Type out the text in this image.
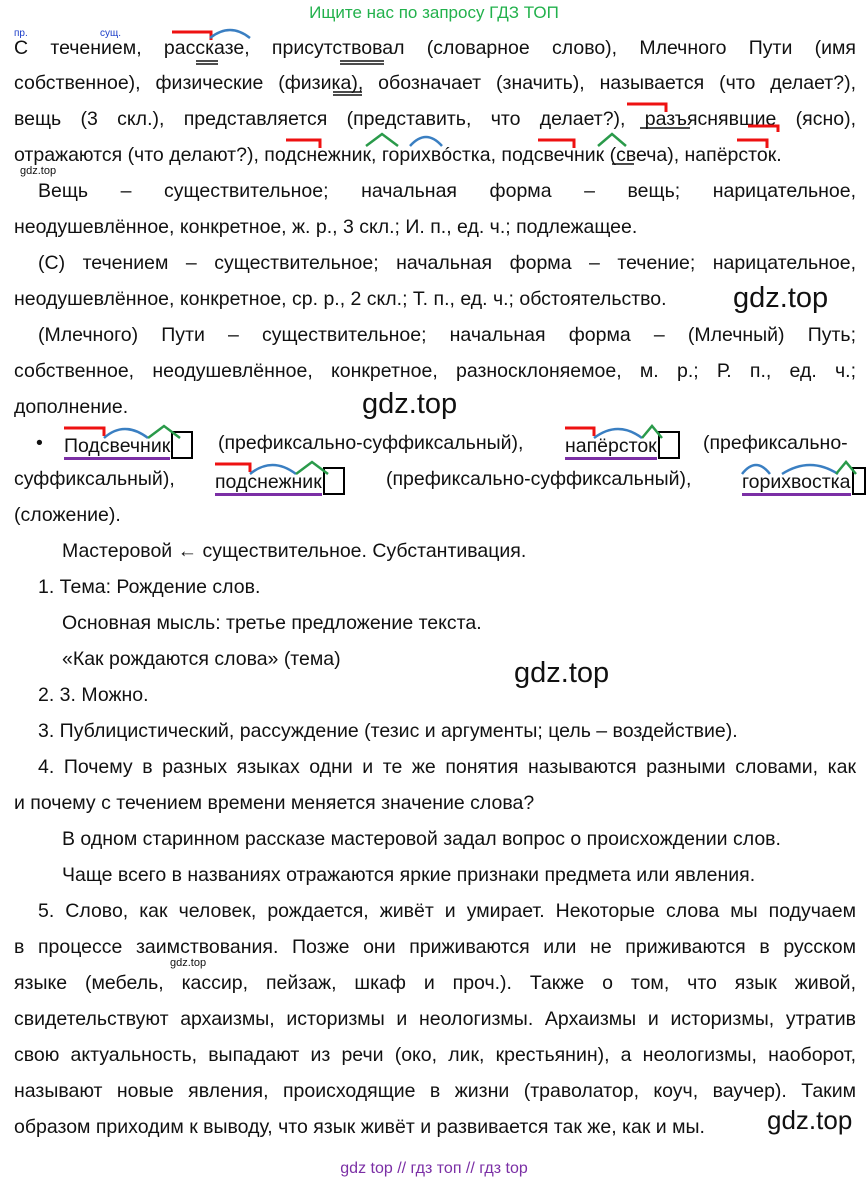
Ищите нас по запросу ГДЗ ТОП
пр.	сущ.
С течением, рассказе, присутствовал (словарное слово), Млечного Пути (имя
собственное), физические (физика), обозначает (значить), называется (что делает?),
вещь (3 скл.), представляется (представить, что делает?), разъяснявшие (ясно),
отражаются (что делают?), подснежник, горихвóстка, подсвечник (свеча), напёрсток.
gdz.top
Вещь – существительное; начальная форма – вещь; нарицательное,
неодушевлённое, конкретное, ж. р., 3 скл.; И. п., ед. ч.; подлежащее.
(С) течением – существительное; начальная форма – течение; нарицательное,
неодушевлённое, конкретное, ср. р., 2 скл.; Т. п., ед. ч.; обстоятельство. gdz.top
(Млечного) Пути – существительное; начальная форма – (Млечный) Путь;
собственное, неодушевлённое, конкретное, разносклоняемое, м. р.; Р. п., ед. ч.;
дополнение.	gdz.top
• Подсвечник	(префиксально-суффиксальный), напёрсток	(префиксально-
суффиксальный), подснежник	(префиксально-суффиксальный),	горихвостка
(сложение).
Мастеровой ← существительное. Субстантивация.
1. Тема: Рождение слов.
Основная мысль: третье предложение текста.
«Как рождаются слова» (тема)	gdz.top
2. 3. Можно.
3. Публицистический, рассуждение (тезис и аргументы; цель – воздействие).
4. Почему в разных языках одни и те же понятия называются разными словами, как
и почему с течением времени меняется значение слова?
В одном старинном рассказе мастеровой задал вопрос о происхождении слов.
Чаще всего в названиях отражаются яркие признаки предмета или явления.
5. Слово, как человек, рождается, живёт и умирает. Некоторые слова мы подучаем
в процессе заимствования. Позже они приживаются или не приживаются в русском
gdz.top
языке (мебель, кассир, пейзаж, шкаф и проч.). Также о том, что язык живой,
свидетельствуют архаизмы, историзмы и неологизмы. Архаизмы и историзмы, утратив
свою актуальность, выпадают из речи (око, лик, крестьянин), а неологизмы, наоборот,
называют новые явления, происходящие в жизни (траволатор, коуч, ваучер). Таким
образом приходим к выводу, что язык живёт и развивается так же, как и мы. gdz.top
gdz top // гдз топ // гдз top
